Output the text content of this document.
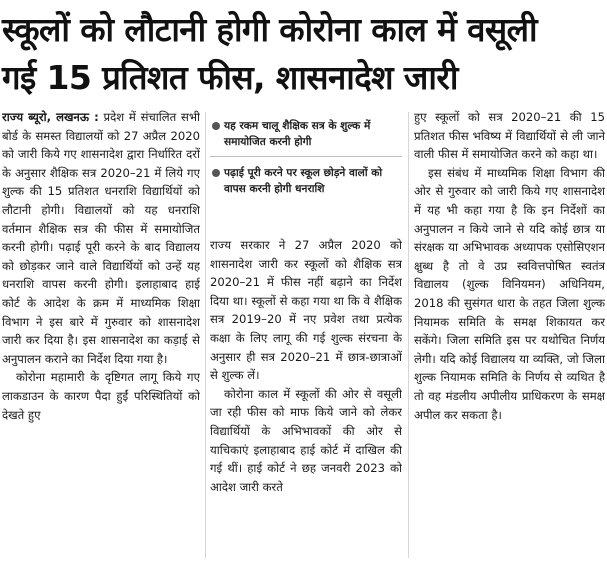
स्कूलों को लौटानी होगी कोरोना काल में वसूली
गई 15 प्रतिशत फीस, शासनादेश जारी

राज्य ब्यूरो, लखनऊ : प्रदेश में संचालित सभी बोर्ड के समस्त विद्यालयों को 27 अप्रैल 2020 को जारी किये गए शासनादेश द्वारा निर्धारित दरों के अनुसार शैक्षिक सत्र 2020–21 में लिये गए शुल्क की 15 प्रतिशत धनराशि विद्यार्थियों को लौटानी होगी। विद्यालयों को यह धनराशि वर्तमान शैक्षिक सत्र की फीस में समायोजित करनी होगी। पढ़ाई पूरी करने के बाद विद्यालय को छोड़कर जाने वाले विद्यार्थियों को उन्हें यह धनराशि वापस करनी होगी। इलाहाबाद हाई कोर्ट के आदेश के क्रम में माध्यमिक शिक्षा विभाग ने इस बारे में गुरुवार को शासनादेश जारी कर दिया है। इस शासनादेश का कड़ाई से अनुपालन कराने का निर्देश दिया गया है।

कोरोना महामारी के दृष्टिगत लागू किये गए लाकडाउन के कारण पैदा हुईं परिस्थितियों को देखते हुए

यह रकम चालू शैक्षिक सत्र के शुल्क में समायोजित करनी होगी
पढ़ाई पूरी करने पर स्कूल छोड़ने वालों को वापस करनी होगी धनराशि

राज्य सरकार ने 27 अप्रैल 2020 को शासनादेश जारी कर स्कूलों को शैक्षिक सत्र 2020–21 में फीस नहीं बढ़ाने का निर्देश दिया था। स्कूलों से कहा गया था कि वे शैक्षिक सत्र 2019–20 में नए प्रवेश तथा प्रत्येक कक्षा के लिए लागू की गई शुल्क संरचना के अनुसार ही सत्र 2020–21 में छात्र-छात्राओं से शुल्क लें।

कोरोना काल में स्कूलों की ओर से वसूली जा रही फीस को माफ किये जाने को लेकर विद्यार्थियों के अभिभावकों की ओर से याचिकाएं इलाहाबाद हाई कोर्ट में दाखिल की गई थीं। हाई कोर्ट ने छह जनवरी 2023 को आदेश जारी करते

हुए स्कूलों को सत्र 2020–21 की 15 प्रतिशत फीस भविष्य में विद्यार्थियों से ली जाने वाली फीस में समायोजित करने को कहा था।

इस संबंध में माध्यमिक शिक्षा विभाग की ओर से गुरुवार को जारी किये गए शासनादेश में यह भी कहा गया है कि इन निर्देशों का अनुपालन न किये जाने से यदि कोई छात्र या संरक्षक या अभिभावक अध्यापक एसोसिएशन क्षुब्ध है तो वे उप्र स्ववित्तपोषित स्वतंत्र विद्यालय (शुल्क विनियमन) अधिनियम, 2018 की सुसंगत धारा के तहत जिला शुल्क नियामक समिति के समक्ष शिकायत कर सकेंगे। जिला समिति इस पर यथोचित निर्णय लेगी। यदि कोई विद्यालय या व्यक्ति, जो जिला शुल्क नियामक समिति के निर्णय से व्यथित है तो वह मंडलीय अपीलीय प्राधिकरण के समक्ष अपील कर सकता है।
